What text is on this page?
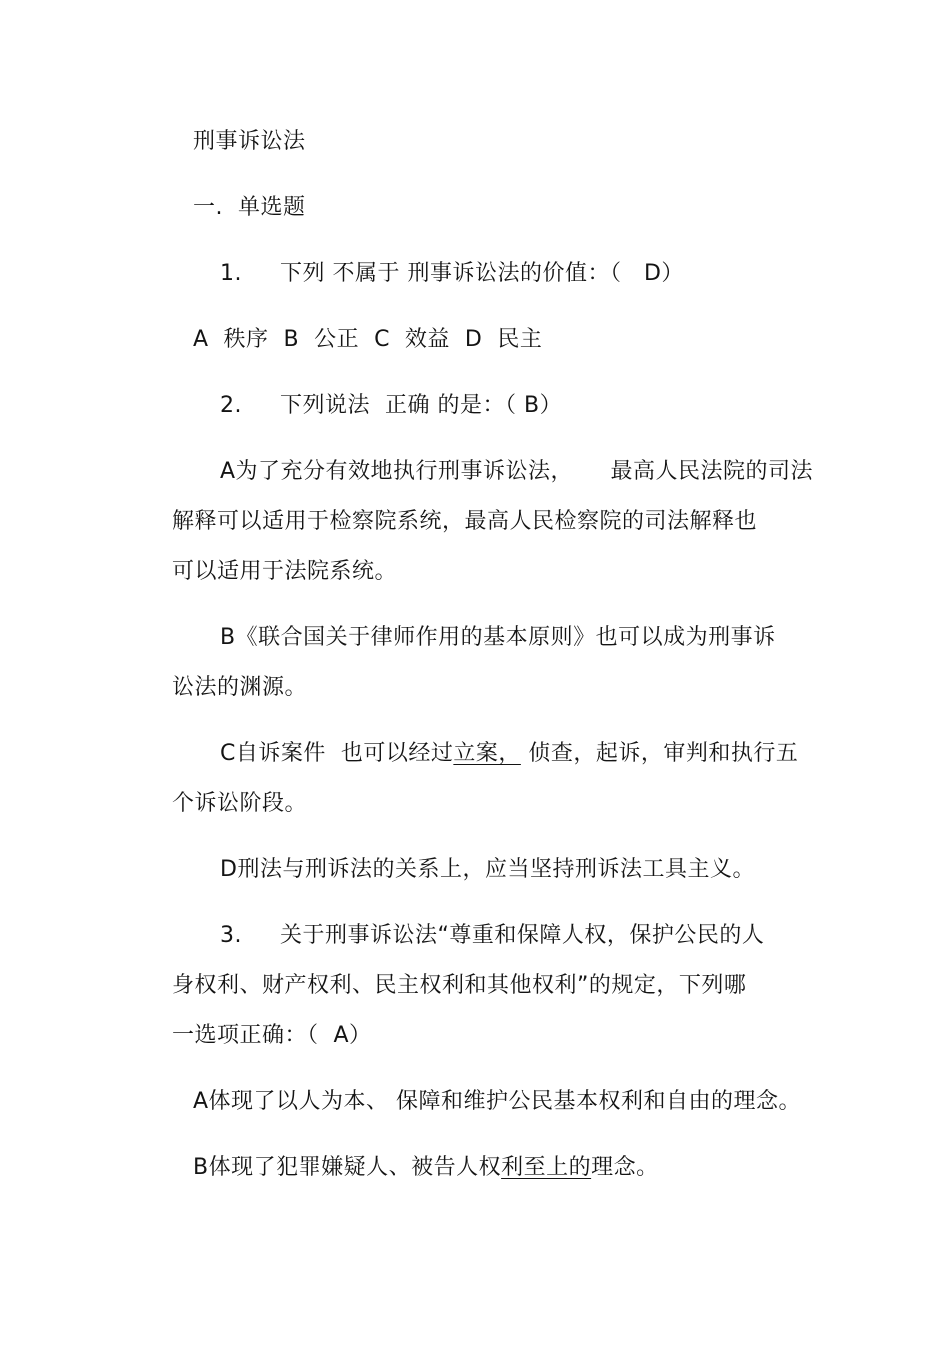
刑事诉讼法
一.  单选题
1. 下列 不属于 刑事诉讼法的价值：（   D）
A  秩序  B  公正  C  效益  D  民主
2. 下列说法  正确 的是：（ B）
A为了充分有效地执行刑事诉讼法，     最高人民法院的司法
解释可以适用于检察院系统，最高人民检察院的司法解释也
可以适用于法院系统。
B《联合国关于律师作用的基本原则》也可以成为刑事诉
讼法的渊源。
C自诉案件  也可以经过立案， 侦查，起诉，审判和执行五
个诉讼阶段。
D刑法与刑诉法的关系上，应当坚持刑诉法工具主义。
3. 关于刑事诉讼法“尊重和保障人权，保护公民的人
身权利、财产权利、民主权利和其他权利”的规定，下列哪
一选项正确：（  A）
A体现了以人为本、 保障和维护公民基本权利和自由的理念。
B体现了犯罪嫌疑人、被告人权利至上的理念。
